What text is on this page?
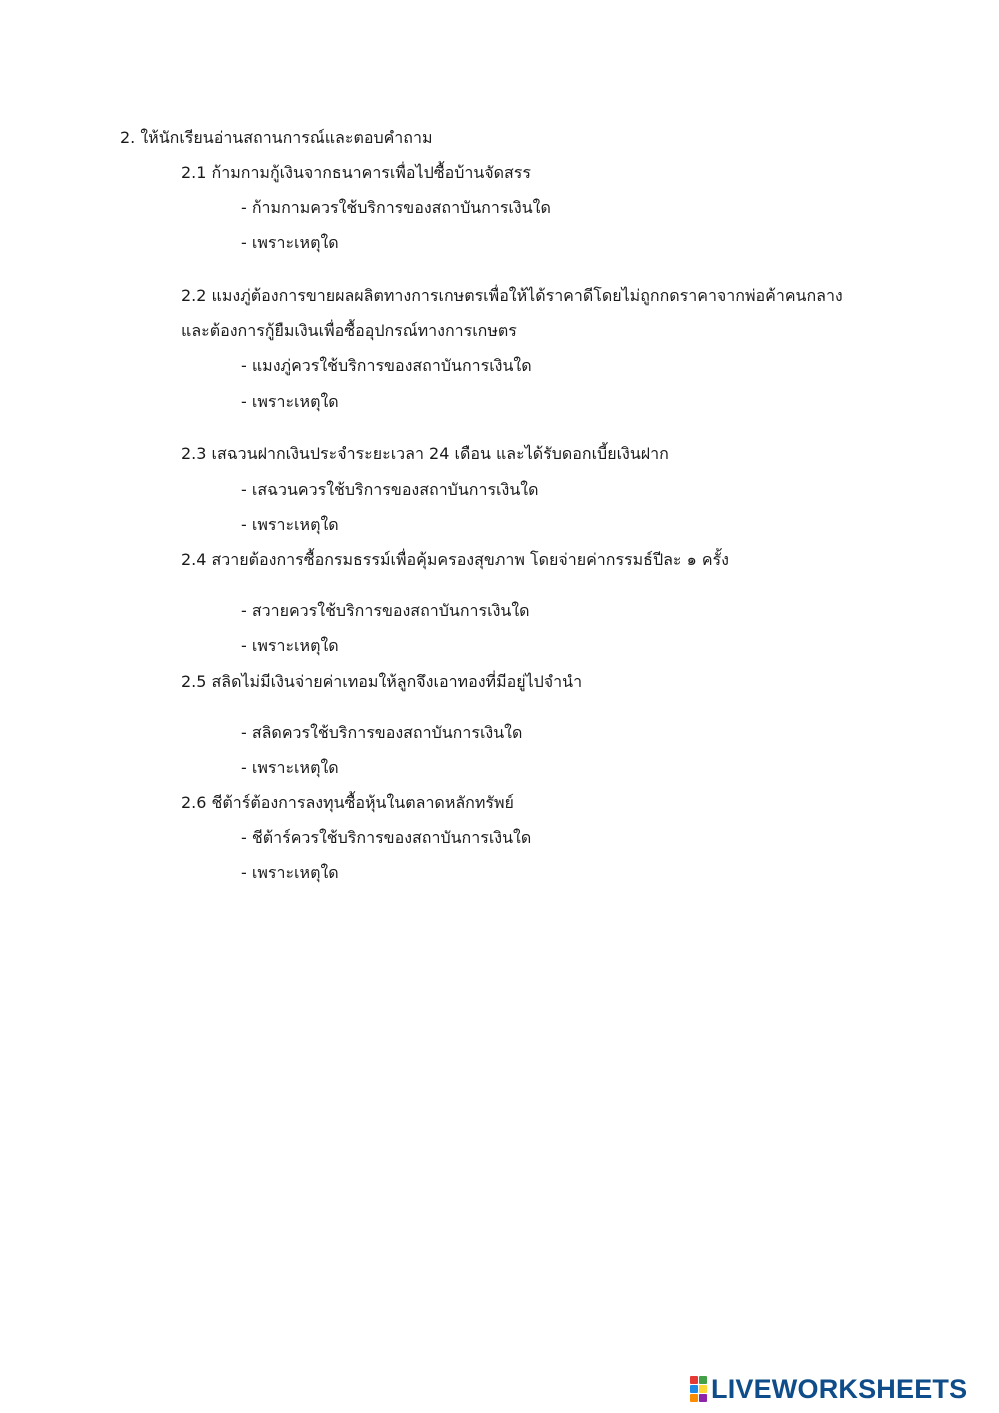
2. ให้นักเรียนอ่านสถานการณ์และตอบคำถาม
2.1 ก้ามกามกู้เงินจากธนาคารเพื่อไปซื้อบ้านจัดสรร
- ก้ามกามควรใช้บริการของสถาบันการเงินใด
- เพราะเหตุใด
2.2 แมงภู่ต้องการขายผลผลิตทางการเกษตรเพื่อให้ได้ราคาดีโดยไม่ถูกกดราคาจากพ่อค้าคนกลาง
และต้องการกู้ยืมเงินเพื่อซื้ออุปกรณ์ทางการเกษตร
- แมงภู่ควรใช้บริการของสถาบันการเงินใด
- เพราะเหตุใด
2.3 เสฉวนฝากเงินประจำระยะเวลา 24 เดือน และได้รับดอกเบี้ยเงินฝาก
- เสฉวนควรใช้บริการของสถาบันการเงินใด
- เพราะเหตุใด
2.4 สวายต้องการซื้อกรมธรรม์เพื่อคุ้มครองสุขภาพ โดยจ่ายค่ากรรมธ์ปีละ ๑ ครั้ง
- สวายควรใช้บริการของสถาบันการเงินใด
- เพราะเหตุใด
2.5 สลิดไม่มีเงินจ่ายค่าเทอมให้ลูกจึงเอาทองที่มีอยู่ไปจำนำ
- สลิดควรใช้บริการของสถาบันการเงินใด
- เพราะเหตุใด
2.6 ชีต้าร์ต้องการลงทุนซื้อหุ้นในตลาดหลักทรัพย์
- ชีต้าร์ควรใช้บริการของสถาบันการเงินใด
- เพราะเหตุใด
LIVEWORKSHEETS
